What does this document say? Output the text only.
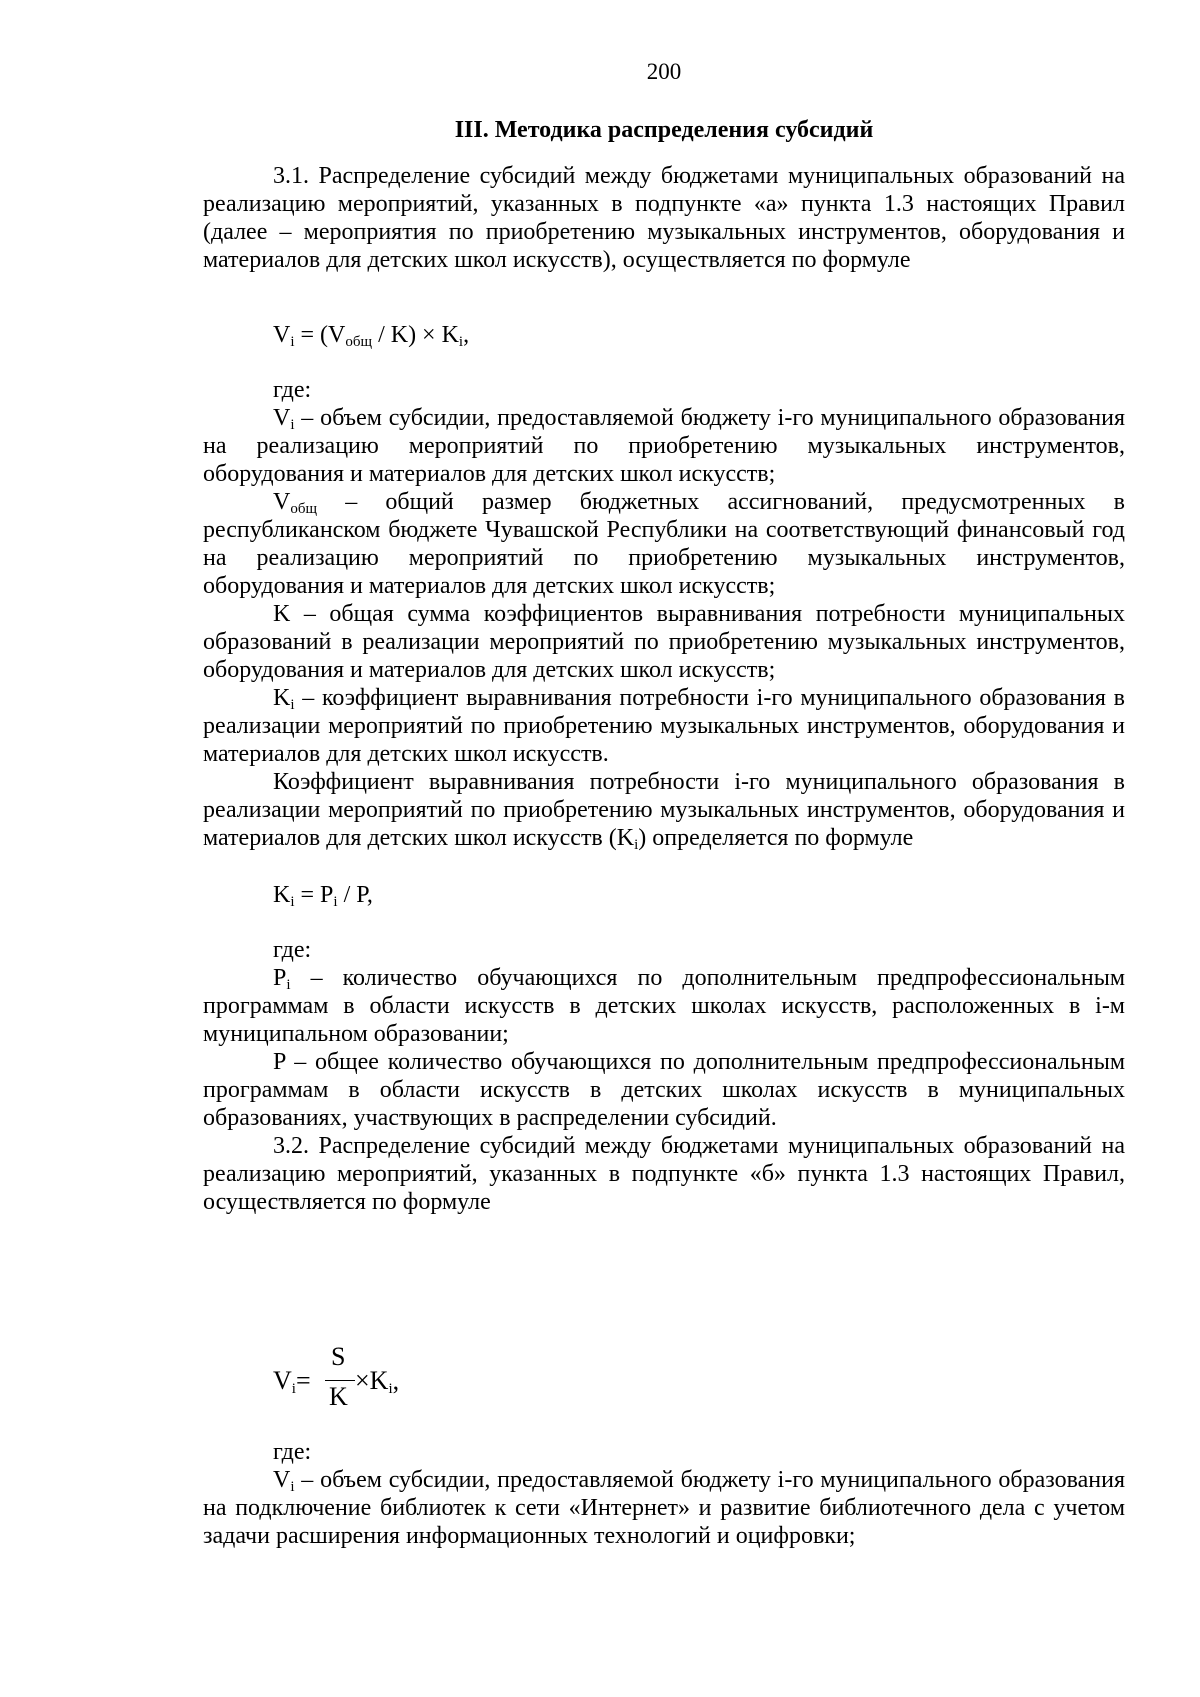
200
III. Методика распределения субсидий

3.1. Распределение субсидий между бюджетами муниципальных образований на реализацию мероприятий, указанных в подпункте «а» пункта 1.3 настоящих Правил (далее – мероприятия по приобретению музыкальных инструментов, оборудования и материалов для детских школ искусств), осуществляется по формуле

$V_i = (V_{общ} / K) \times K_i$,
где:

$V_i$ – объем субсидии, предоставляемой бюджету i-го муниципального образования на реализацию мероприятий по приобретению музыкальных инструментов, оборудования и материалов для детских школ искусств;

$V_{общ}$ – общий размер бюджетных ассигнований, предусмотренных в республиканском бюджете Чувашской Республики на соответствующий финансовый год на реализацию мероприятий по приобретению музыкальных инструментов, оборудования и материалов для детских школ искусств;

K – общая сумма коэффициентов выравнивания потребности муниципальных образований в реализации мероприятий по приобретению музыкальных инструментов, оборудования и материалов для детских школ искусств;

$K_i$ – коэффициент выравнивания потребности i-го муниципального образования в реализации мероприятий по приобретению музыкальных инструментов, оборудования и материалов для детских школ искусств.

Коэффициент выравнивания потребности i-го муниципального образования в реализации мероприятий по приобретению музыкальных инструментов, оборудования и материалов для детских школ искусств $(K_i)$ определяется по формуле

$K_i = P_i / P$,
где:

$P_i$ – количество обучающихся по дополнительным предпрофессиональным программам в области искусств в детских школах искусств, расположенных в i-м муниципальном образовании;

P – общее количество обучающихся по дополнительным предпрофессиональным программам в области искусств в детских школах искусств в муниципальных образованиях, участвующих в распределении субсидий.

3.2. Распределение субсидий между бюджетами муниципальных образований на реализацию мероприятий, указанных в подпункте «б» пункта 1.3 настоящих Правил, осуществляется по формуле

$V_i=$
S
K
$\times K_i$,
где:

$V_i$ – объем субсидии, предоставляемой бюджету i-го муниципального образования на подключение библиотек к сети «Интернет» и развитие библиотечного дела с учетом задачи расширения информационных технологий и оцифровки;
